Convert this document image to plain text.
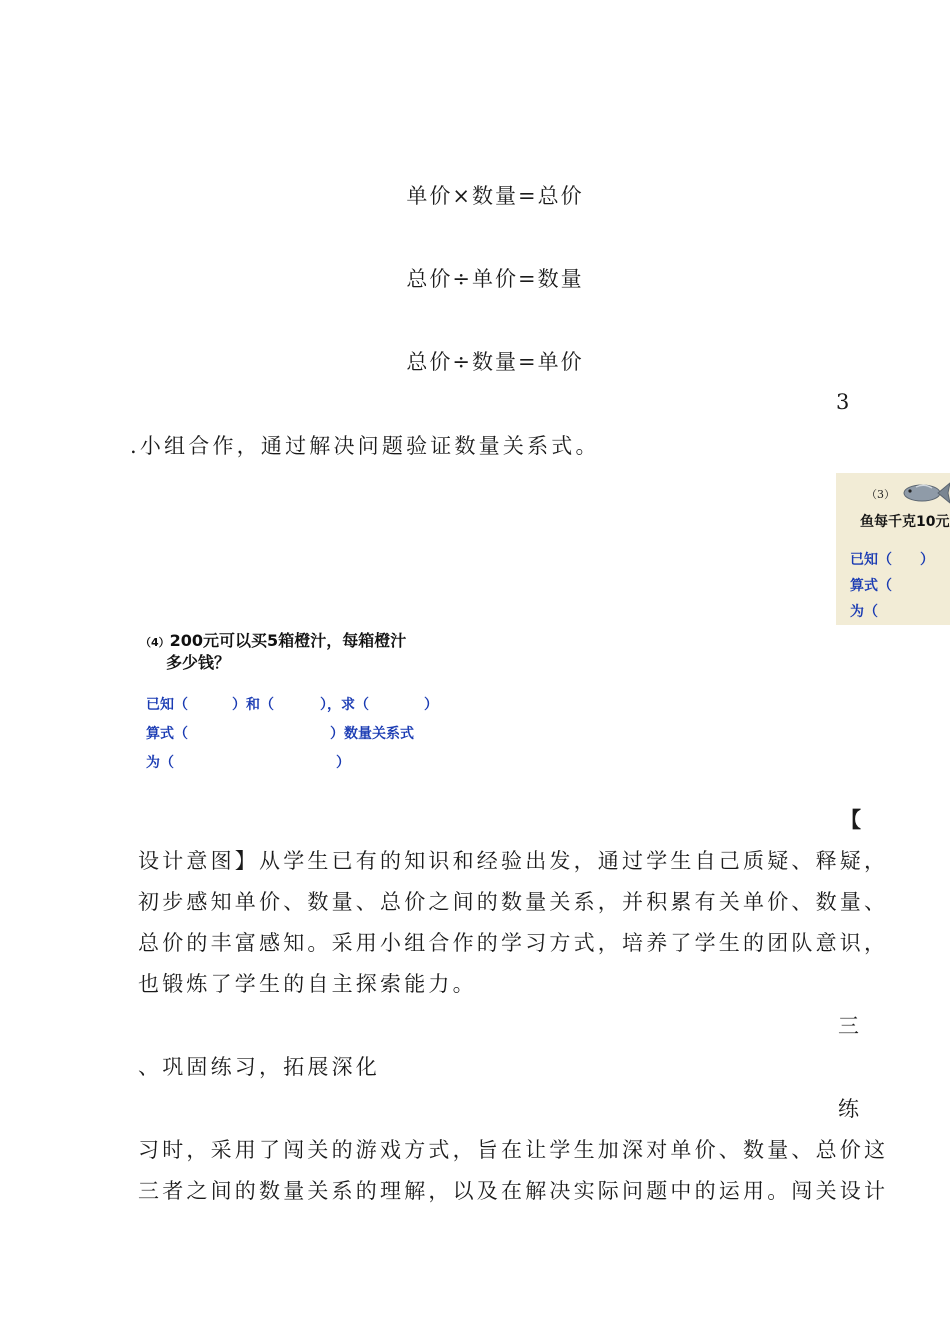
单价×数量=总价
总价÷单价=数量
总价÷数量=单价
3
.小组合作，通过解决问题验证数量关系式。
（3）
鱼每千克10元
已知（　　）
算式（
为（
（4）200元可以买5箱橙汁，每箱橙汁
多少钱？
已知（	）和（	），求（	）
算式（	）数量关系式
为（	）
【
设计意图】从学生已有的知识和经验出发，通过学生自己质疑、释疑，
初步感知单价、数量、总价之间的数量关系，并积累有关单价、数量、
总价的丰富感知。采用小组合作的学习方式，培养了学生的团队意识，
也锻炼了学生的自主探索能力。
三
、巩固练习，拓展深化
练
习时，采用了闯关的游戏方式，旨在让学生加深对单价、数量、总价这
三者之间的数量关系的理解，以及在解决实际问题中的运用。闯关设计
